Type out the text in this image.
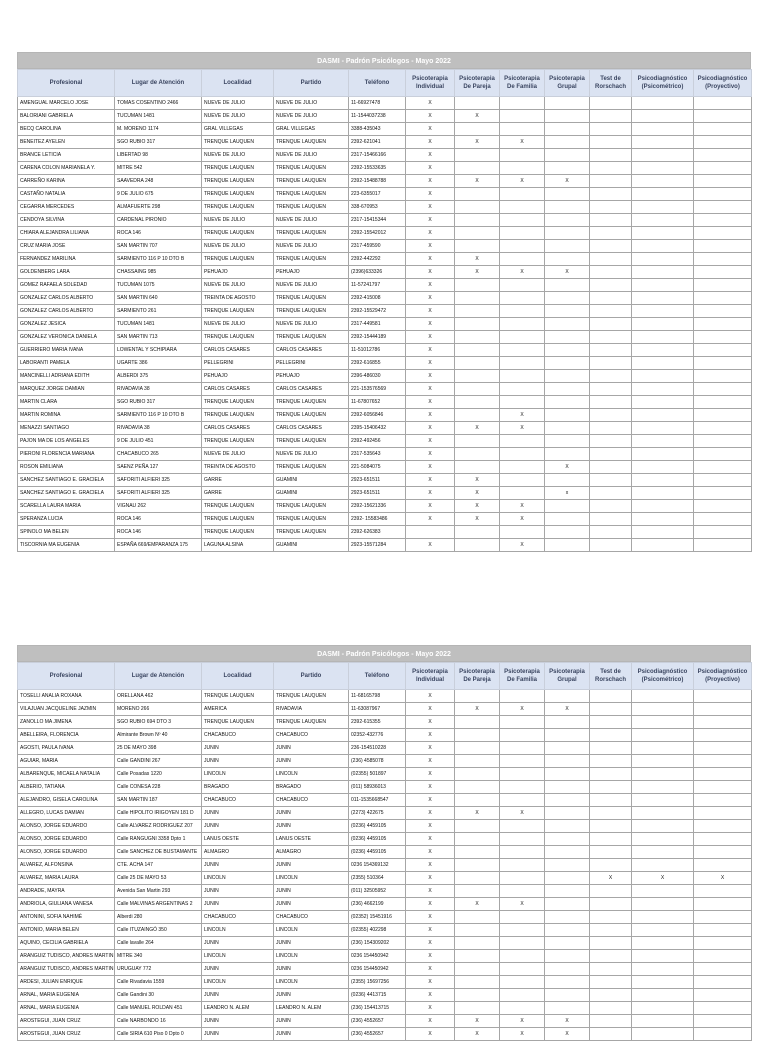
DASMI - Padrón Psicólogos - Mayo 2022
Profesional	Lugar de Atención	Localidad	Partido	Teléfono	Psicoterapia Individual	Psicoterapia De Pareja	Psicoterapia De Familia	Psicoterapia Grupal	Test de Rorschach	Psicodiagnóstico (Psicométrico)	Psicodiagnóstico (Proyectivo)
AMENGUAL MARCELO JOSE	TOMAS COSENTINO 2466	NUEVE DE JULIO	NUEVE DE JULIO	11-66927478	X						
BALORIANI GABRIELA	TUCUMAN 1481	NUEVE DE JULIO	NUEVE DE JULIO	11-1544037238	X	X					
BECQ CAROLINA	M. MORENO 1174	GRAL VILLEGAS	GRAL VILLEGAS	3388-435043	X						
BENEITEZ AYELEN	SGO RUBIO 317	TRENQUE LAUQUEN	TRENQUE LAUQUEN	2392-621041	X	X	X				
BRANCE LETICIA	LIBERTAD 98	NUEVE DE JULIO	NUEVE DE JULIO	2317-15466166	X						
CARENA COLON MARIANELA Y.	MITRE 542	TRENQUE LAUQUEN	TRENQUE LAUQUEN	2392-15533635	X						
CARREÑO KARINA	SAAVEDRA 248	TRENQUE LAUQUEN	TRENQUE LAUQUEN	2392-15488788	X	X	X	X			
CASTAÑO NATALIA	9 DE JULIO 675	TRENQUE LAUQUEN	TRENQUE LAUQUEN	223-6355017	X						
CEGARRA MERCEDES	ALMAFUERTE 298	TRENQUE LAUQUEN	TRENQUE LAUQUEN	338-670953	X						
CENDOYA SILVINA	CARDENAL PIRONIO	NUEVE DE JULIO	NUEVE DE JULIO	2317-15415344	X						
CHIARA ALEJANDRA LILIANA	ROCA 146	TRENQUE LAUQUEN	TRENQUE LAUQUEN	2392-15542012	X						
CRUZ MARIA JOSE	SAN MARTIN 707	NUEVE DE JULIO	NUEVE DE JULIO	2317-459590	X						
FERNANDEZ MARILINA	SARMIENTO 116 P 10 DTO B	TRENQUE LAUQUEN	TRENQUE LAUQUEN	2392-442292	X	X					
GOLDENBERG LARA	CHASSAING 985	PEHUAJO	PEHUAJO	(2396)633326	X	X	X	X			
GOMEZ RAFAELA SOLEDAD	TUCUMAN 1075	NUEVE DE JULIO	NUEVE DE JULIO	11-57241797	X						
GONZALEZ CARLOS ALBERTO	SAN MARTIN 640	TREINTA DE AGOSTO	TRENQUE LAUQUEN	2392-415008	X						
GONZALEZ CARLOS ALBERTO	SARMIENTO 261	TRENQUE LAUQUEN	TRENQUE LAUQUEN	2392-15529472	X						
GONZALEZ JESICA	TUCUMAN 1481	NUEVE DE JULIO	NUEVE DE JULIO	2317-449581	X						
GONZALEZ VERONICA DANIELA	SAN MARTIN 713	TRENQUE LAUQUEN	TRENQUE LAUQUEN	2392-15444189	X						
GUERRIERO MARIA IVANA	LOWENTAL Y SCHIPIARA	CARLOS CASARES	CARLOS CASARES	11-51012786	X						
LABORANTI PAMELA	UGARTE 386	PELLEGRINI	PELLEGRINI	2392-616855	X						
MANCINELLI ADRIANA EDITH	ALBERDI 375	PEHUAJO	PEHUAJO	2396-486030	X						
MARQUEZ JORGE DAMIAN	RIVADAVIA 38	CARLOS CASARES	CARLOS CASARES	221-153576569	X						
MARTIN CLARA	SGO RUBIO 317	TRENQUE LAUQUEN	TRENQUE LAUQUEN	11-67807652	X						
MARTIN ROMINA	SARMIENTO 116 P 10 DTO B	TRENQUE LAUQUEN	TRENQUE LAUQUEN	2392-6056846	X		X				
MENAZZI SANTIAGO	RIVADAVIA 38	CARLOS CASARES	CARLOS CASARES	2395-15406432	X	X	X				
PAJON MA DE LOS ANGELES	9 DE JULIO 451	TRENQUE LAUQUEN	TRENQUE LAUQUEN	2392-492456	X						
PIERONI FLORENCIA MARIANA	CHACABUCO 265	NUEVE DE JULIO	NUEVE DE JULIO	2317-535643	X						
ROSON EMILIANA	SAENZ PEÑA 127	TREINTA DE AGOSTO	TRENQUE LAUQUEN	221-5084075	X			X			
SANCHEZ SANTIAGO E. GRACIELA	SAFORITI ALFIERI 325	GARRE	GUAMINI	2923-651511	X	X					
SANCHEZ SANTIAGO E. GRACIELA	SAFORITI ALFIERI 325	GARRE	GUAMINI	2923-651511	X	X		x			
SCARELLA LAURA MARIA	VIGNAU 262	TRENQUE LAUQUEN	TRENQUE LAUQUEN	2392-15621336	X	X	X				
SPERANZA LUCIA	ROCA 146	TRENQUE LAUQUEN	TRENQUE LAUQUEN	2392- 15583486	X	X	X				
SPINOLO MA BELEN	ROCA 146	TRENQUE LAUQUEN	TRENQUE LAUQUEN	2392-626383							
TISCORNIA MA EUGENIA	ESPAÑA 669/EMPARANZA 175	LAGUNA ALSINA	GUAMINI	2923-15571284	X		X				
DASMI - Padrón Psicólogos - Mayo 2022
Profesional	Lugar de Atención	Localidad	Partido	Teléfono	Psicoterapia Individual	Psicoterapia De Pareja	Psicoterapia De Familia	Psicoterapia Grupal	Test de Rorschach	Psicodiagnóstico (Psicométrico)	Psicodiagnóstico (Proyectivo)
TOSELLI ANALIA ROXANA	ORELLANA 462	TRENQUE LAUQUEN	TRENQUE LAUQUEN	11-68165798	X						
VILAJUAN JACQUELINE JAZMIN	MORENO 266	AMERICA	RIVADAVIA	11-63087967	X	X	X	X			
ZANOLLO MA JIMENA	SGO RUBIO 694 DTO 3	TRENQUE LAUQUEN	TRENQUE LAUQUEN	2392-615355	X						
ABELLEIRA, FLORENCIA	Almirante Brown Nº 40	CHACABUCO	CHACABUCO	02352-432776	X						
AGOSTI, PAULA IVANA	25 DE MAYO 398	JUNIN	JUNIN	236-154510228	X						
AGUIAR, MARIA	Calle GANDINI 267	JUNIN	JUNIN	(236) 4585078	X						
ALBARENQUE, MICAELA NATALIA	Calle Posadas 1220	LINCOLN	LINCOLN	(02355) 501897	X						
ALBERIO, TATIANA	Calle CONESA 228	BRAGADO	BRAGADO	(011) 58936013	X						
ALEJANDRO, GISELA CAROLINA	SAN MARTIN 187	CHACABUCO	CHACABUCO	011-1535668547	X						
ALLEGRO, LUCAS DAMIAN	Calle HIPOLITO IRIGOYEN 181 D	JUNIN	JUNIN	(2273) 422675	X	X	X				
ALONSO, JORGE EDUARDO	Calle ALVAREZ RODRIGUEZ 207	JUNIN	JUNIN	(0236) 4459105	X						
ALONSO, JORGE EDUARDO	Calle RANGUGNI 3358 Dpto 1	LANUS OESTE	LANUS OESTE	(0236) 4459105	X						
ALONSO, JORGE EDUARDO	Calle SANCHEZ DE BUSTAMANTE	ALMAGRO	ALMAGRO	(0236) 4459105	X						
ALVAREZ, ALFONSINA	CTE. ACHA 147	JUNIN	JUNIN	0236 154369132	X						
ALVAREZ, MARIA LAURA	Calle 25 DE MAYO 53	LINCOLN	LINCOLN	(2355) 510364	X				X	X	X
ANDRADE, MAYRA	Avenida San Martin 293	JUNIN	JUNIN	(011) 32505952	X						
ANDRIOLA, GIULIANA VANESA	Calle MALVINAS ARGENTINAS 2	JUNIN	JUNIN	(236) 4662199	X	X	X				
ANTONINI, SOFIA NAHIMÉ	Alberdi 280	CHACABUCO	CHACABUCO	(02352) 15451916	X						
ANTONIO, MARIA BELEN	Calle ITUZAINGÓ 350	LINCOLN	LINCOLN	(02355) 402298	X						
AQUINO, CECILIA GABRIELA	Calle lavalle 264	JUNIN	JUNIN	(236) 154309202	X						
ARANGUIZ TUDISCO, ANDRES MARTIN	MITRE 340	LINCOLN	LINCOLN	0236 154450942	X						
ARANGUIZ TUDISCO, ANDRES MARTIN	URUGUAY 772	JUNIN	JUNIN	0236 154450942	X						
ARDESI, JULIAN ENRIQUE	Calle Rivadavia 1559	LINCOLN	LINCOLN	(2355) 15697256	X						
ARNAL, MARIA EUGENIA	Calle Gandini 30	JUNIN	JUNIN	(0236) 4413715	X						
ARNAL, MARIA EUGENIA	Calle MANUEL ROLDAN 451	LEANDRO N. ALEM	LEANDRO N. ALEM	(236) 154413715	X						
AROSTEGUI, JUAN CRUZ	Calle NARBONDO 16	JUNIN	JUNIN	(236) 4552657	X	X	X	X			
AROSTEGUI, JUAN CRUZ	Calle SIRIA 610 Piso 0 Dpto 0	JUNIN	JUNIN	(236) 4552657	X	X	X	X			
